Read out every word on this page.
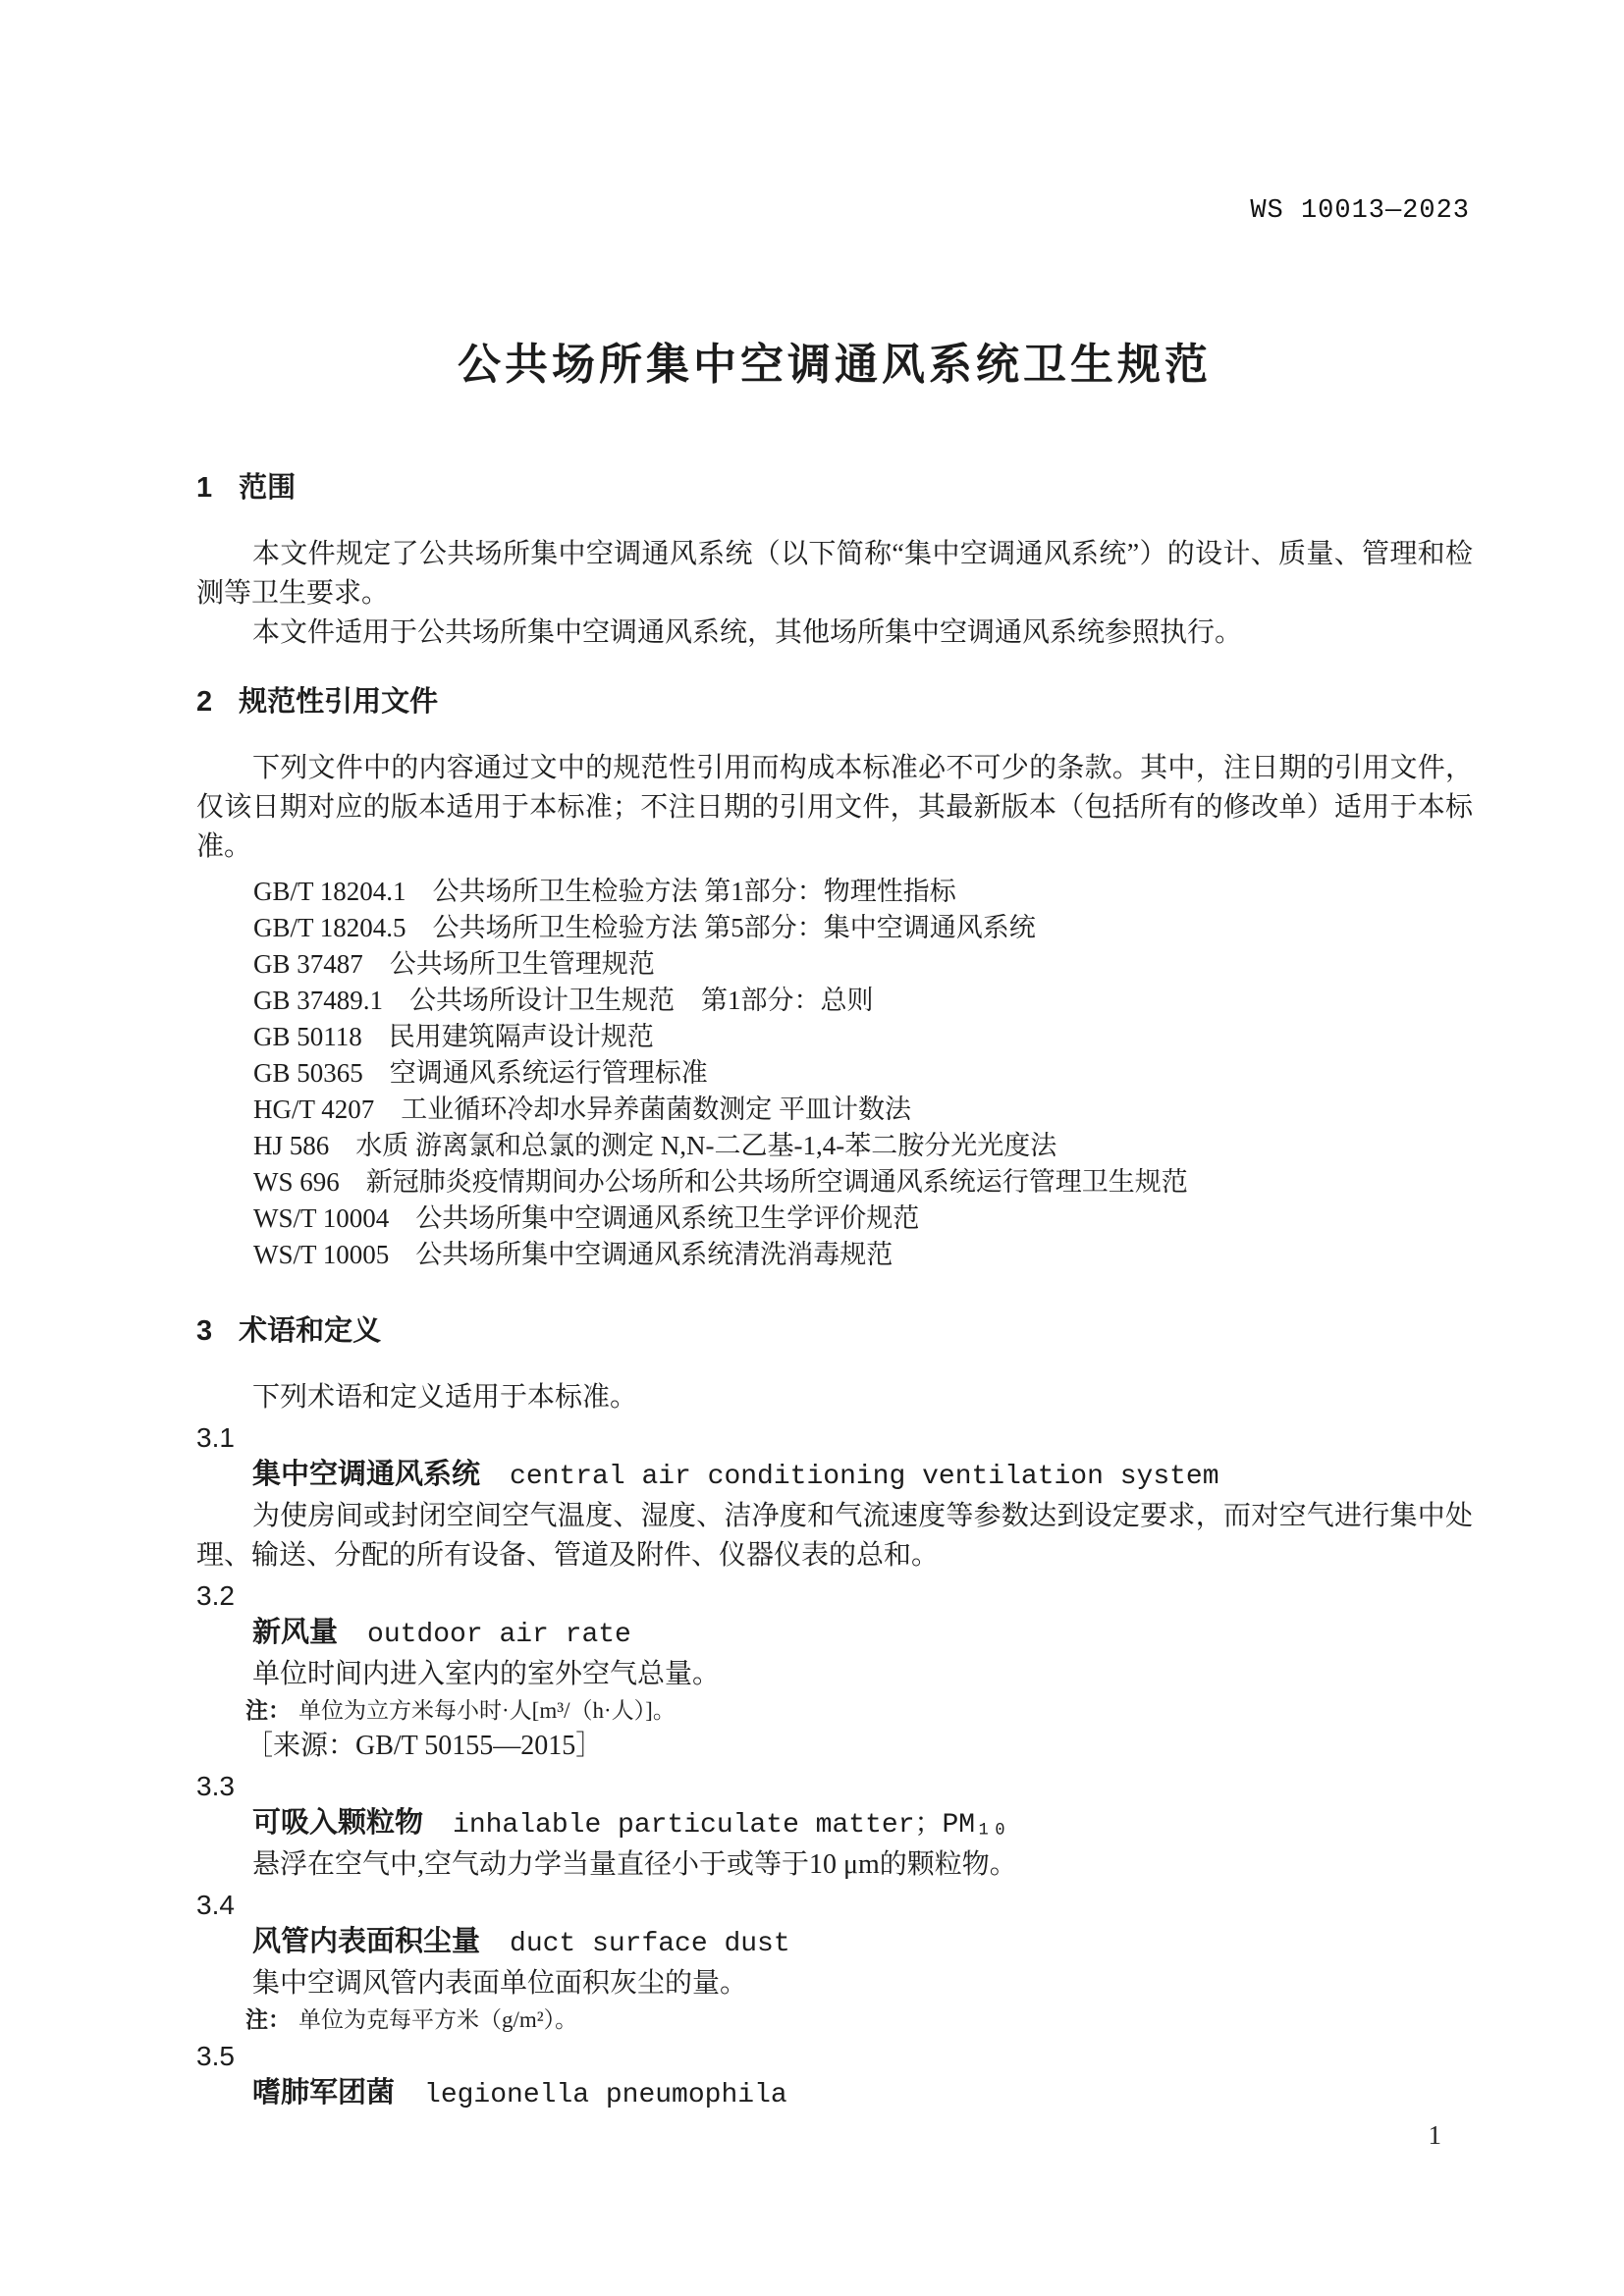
WS 10013—2023
公共场所集中空调通风系统卫生规范
1 范围

本文件规定了公共场所集中空调通风系统（以下简称“集中空调通风系统”）的设计、质量、管理和检测等卫生要求。

本文件适用于公共场所集中空调通风系统，其他场所集中空调通风系统参照执行。

2 规范性引用文件

下列文件中的内容通过文中的规范性引用而构成本标准必不可少的条款。其中，注日期的引用文件，仅该日期对应的版本适用于本标准；不注日期的引用文件，其最新版本（包括所有的修改单）适用于本标准。

GB/T 18204.1 公共场所卫生检验方法 第1部分：物理性指标
GB/T 18204.5 公共场所卫生检验方法 第5部分：集中空调通风系统
GB 37487 公共场所卫生管理规范
GB 37489.1 公共场所设计卫生规范　第1部分：总则
GB 50118 民用建筑隔声设计规范
GB 50365 空调通风系统运行管理标准
HG/T 4207 工业循环冷却水异养菌菌数测定 平皿计数法
HJ 586 水质 游离氯和总氯的测定 N,N-二乙基-1,4-苯二胺分光光度法
WS 696 新冠肺炎疫情期间办公场所和公共场所空调通风系统运行管理卫生规范
WS/T 10004 公共场所集中空调通风系统卫生学评价规范
WS/T 10005 公共场所集中空调通风系统清洗消毒规范
3 术语和定义

下列术语和定义适用于本标准。

3.1
集中空调通风系统 central air conditioning ventilation system

为使房间或封闭空间空气温度、湿度、洁净度和气流速度等参数达到设定要求，而对空气进行集中处理、输送、分配的所有设备、管道及附件、仪器仪表的总和。

3.2
新风量 outdoor air rate

单位时间内进入室内的室外空气总量。

注： 单位为立方米每小时·人[m³/（h·人）]。
［来源：GB/T 50155—2015］
3.3
可吸入颗粒物 inhalable particulate matter；PM₁₀

悬浮在空气中,空气动力学当量直径小于或等于10 μm的颗粒物。

3.4
风管内表面积尘量 duct surface dust

集中空调风管内表面单位面积灰尘的量。

注： 单位为克每平方米（g/m²）。
3.5
嗜肺军团菌 legionella pneumophila
1
